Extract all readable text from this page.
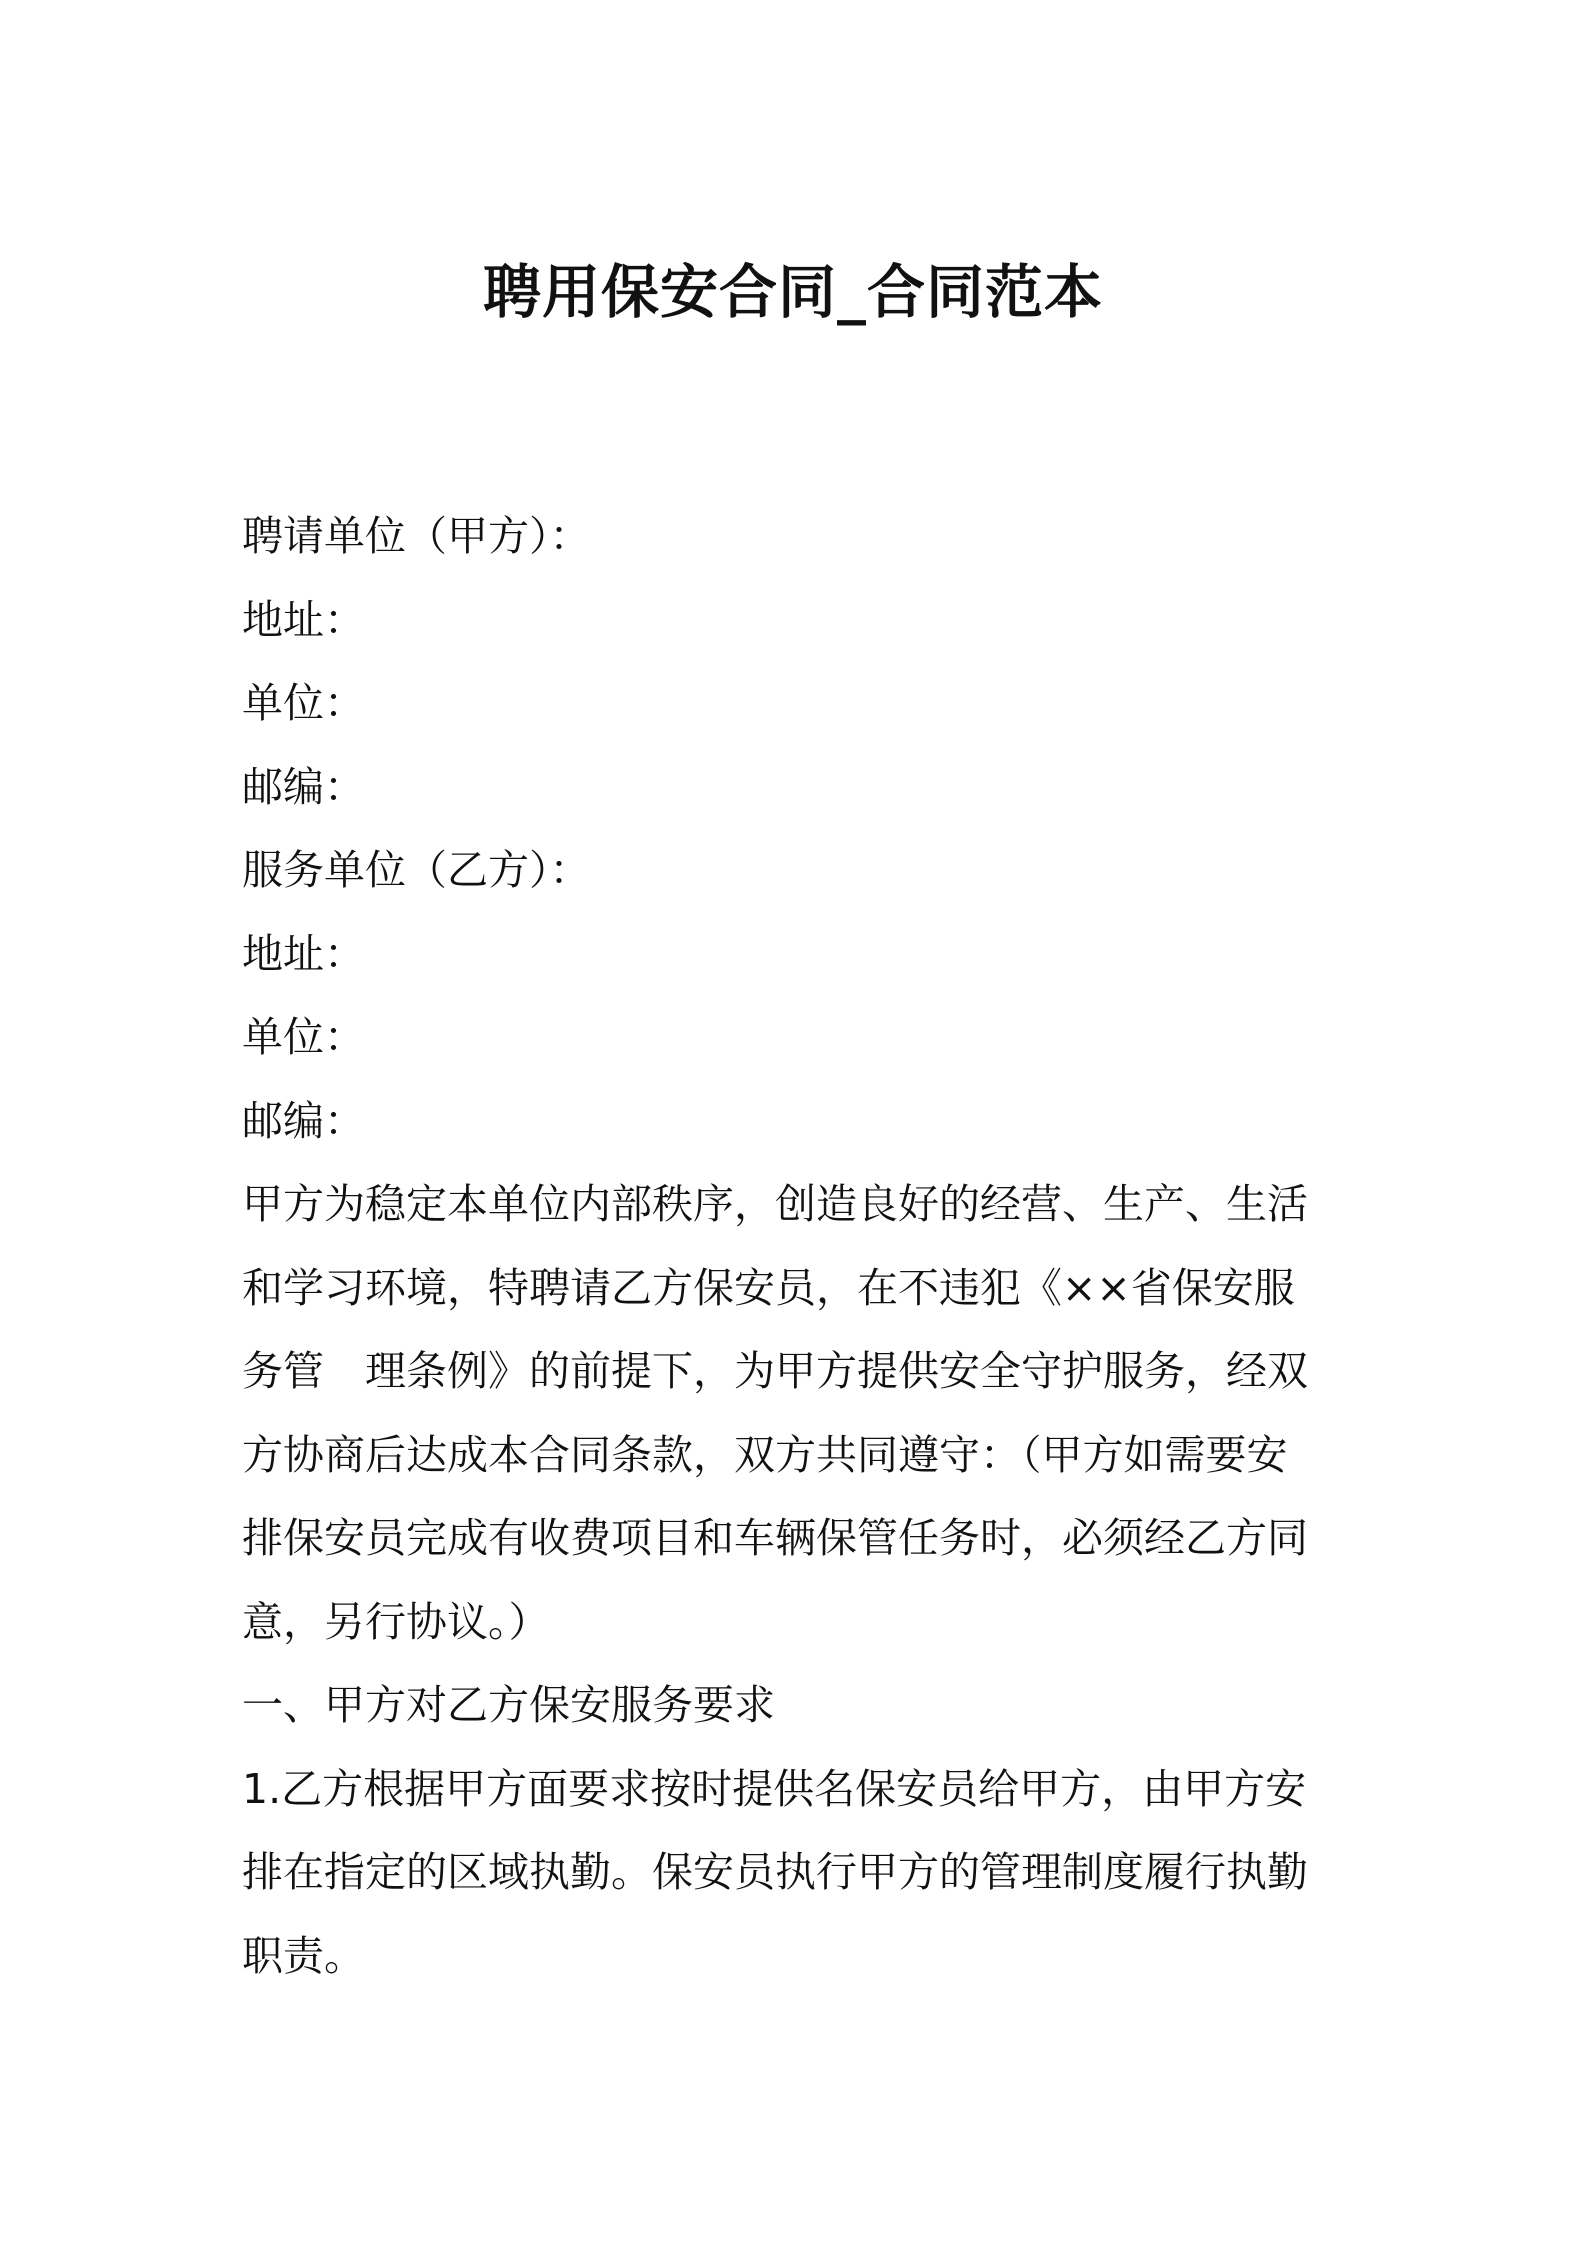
聘用保安合同_合同范本

聘请单位（甲方）：

地址：

单位：

邮编：

服务单位（乙方）：

地址：

单位：

邮编：

甲方为稳定本单位内部秩序，创造良好的经营、生产、生活
和学习环境，特聘请乙方保安员，在不违犯《××省保安服
务管　理条例》的前提下，为甲方提供安全守护服务，经双
方协商后达成本合同条款，双方共同遵守：（甲方如需要安
排保安员完成有收费项目和车辆保管任务时，必须经乙方同
意，另行协议。）

一、甲方对乙方保安服务要求

1.乙方根据甲方面要求按时提供名保安员给甲方，由甲方安
排在指定的区域执勤。保安员执行甲方的管理制度履行执勤
职责。
